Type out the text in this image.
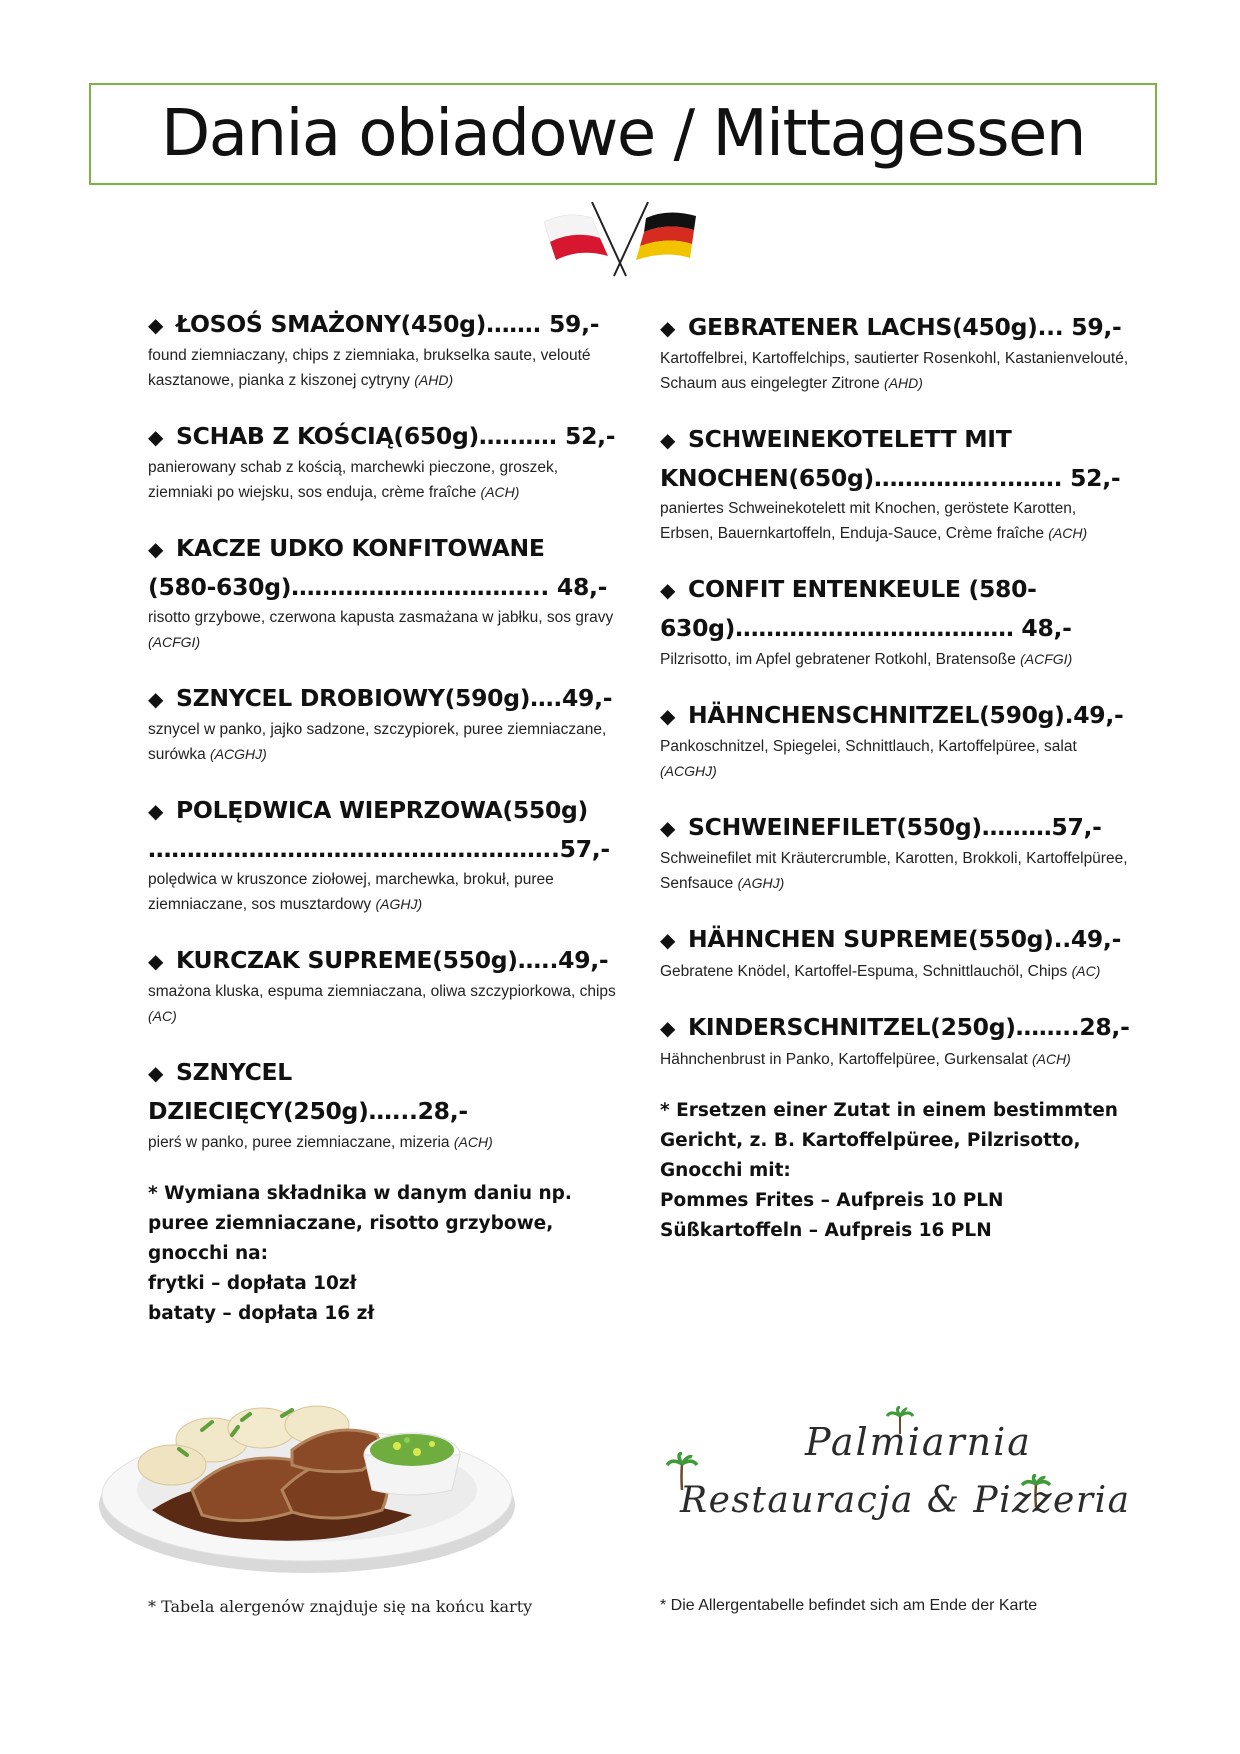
Dania obiadowe / Mittagessen
◆ ŁOSOŚ SMAŻONY(450g)……. 59,-
found ziemniaczany, chips z ziemniaka, brukselka saute, velouté kasztanowe, pianka z kiszonej cytryny (AHD)
◆ SCHAB Z KOŚCIĄ(650g)………. 52,-
panierowany schab z kością, marchewki pieczone, groszek, ziemniaki po wiejsku, sos enduja, crème fraîche (ACH)
◆ KACZE UDKO KONFITOWANE (580-630g)…………………………... 48,-
risotto grzybowe, czerwona kapusta zasmażana w jabłku, sos gravy (ACFGI)
◆ SZNYCEL DROBIOWY(590g)….49,-
sznycel w panko, jajko sadzone, szczypiorek, puree ziemniaczane, surówka (ACGHJ)
◆ POLĘDWICA WIEPRZOWA(550g) ……………………………………………..57,-
polędwica w kruszonce ziołowej, marchewka, brokuł, puree ziemniaczane, sos musztardowy (AGHJ)
◆ KURCZAK SUPREME(550g)…..49,-
smażona kluska, espuma ziemniaczana, oliwa szczypiorkowa, chips (AC)
◆ SZNYCEL DZIECIĘCY(250g)…...28,-
pierś w panko, puree ziemniaczane, mizeria (ACH)
* Wymiana składnika w danym daniu np.
puree ziemniaczane, risotto grzybowe,
gnocchi na:
frytki – dopłata 10zł
bataty – dopłata 16 zł
◆ GEBRATENER LACHS(450g)... 59,-
Kartoffelbrei, Kartoffelchips, sautierter Rosenkohl, Kastanienvelouté, Schaum aus eingelegter Zitrone (AHD)
◆ SCHWEINEKOTELETT MIT KNOCHEN(650g)……………..……. 52,-
paniertes Schweinekotelett mit Knochen, geröstete Karotten, Erbsen, Bauernkartoffeln, Enduja-Sauce, Crème fraîche (ACH)
◆ CONFIT ENTENKEULE (580-630g)……………………………… 48,-
Pilzrisotto, im Apfel gebratener Rotkohl, Bratensoße (ACFGI)
◆ HÄHNCHENSCHNITZEL(590g).49,-
Pankoschnitzel, Spiegelei, Schnittlauch, Kartoffelpüree, salat (ACGHJ)
◆ SCHWEINEFILET(550g)………57,-
Schweinefilet mit Kräutercrumble, Karotten, Brokkoli, Kartoffelpüree, Senfsauce (AGHJ)
◆ HÄHNCHEN SUPREME(550g)..49,-
Gebratene Knödel, Kartoffel-Espuma, Schnittlauchöl, Chips (AC)
◆ KINDERSCHNITZEL(250g)……..28,-
Hähnchenbrust in Panko, Kartoffelpüree, Gurkensalat (ACH)
* Ersetzen einer Zutat in einem bestimmten
Gericht, z. B. Kartoffelpüree, Pilzrisotto,
Gnocchi mit:
Pommes Frites – Aufpreis 10 PLN
Süßkartoffeln – Aufpreis 16 PLN
Palmiarnia
Restauracja & Pizzeria
* Tabela alergenów znajduje się na końcu karty	* Die Allergentabelle befindet sich am Ende der Karte
